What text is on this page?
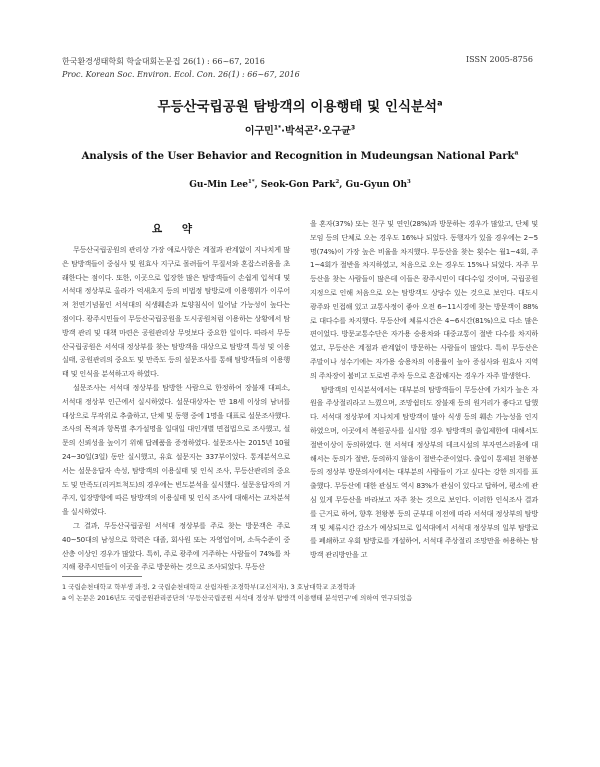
한국환경생태학회 학술대회논문집 26(1) : 66~67, 2016
Proc. Korean Soc. Environ. Ecol. Con. 26(1) : 66~67, 2016
ISSN 2005-8756
무등산국립공원 탐방객의 이용행태 및 인식분석$^a$
이구민$^{1*}$·박석곤$^2$·오구균$^3$
Analysis of the User Behavior and Recognition in Mudeungsan National Park$^a$
Gu-Min Lee$^{1*}$, Seok-Gon Park$^2$, Gu-Gyun Oh$^3$
요 약

무등산국립공원의 관리상 가장 애로사항은 계절과 관계없이 지나치게 많은 탐방객들이 중심사 및 원효사 지구로 몰려들어 무질서와 혼잡스러움을 초래한다는 점이다. 또한, 이곳으로 입장한 많은 탐방객들이 손쉽게 입석대 및 서석대 정상부로 올라가 억새초지 등의 비법정 탐방로에 이용행위가 이루어져 천연기념물인 서석대의 식생훼손과 토양침식이 일어날 가능성이 높다는 점이다. 광주시민들이 무등산국립공원을 도시공원처럼 이용하는 상황에서 탐방객 관리 및 대책 마련은 공원관리상 무엇보다 중요한 일이다. 따라서 무등산국립공원은 서석대 정상부를 찾는 탐방객을 대상으로 탐방객 특성 및 이용실태, 공원관리의 중요도 및 만족도 등의 설문조사를 통해 탐방객들의 이용행태 및 인식을 분석하고자 하였다.

설문조사는 서석대 정상부를 탐방한 사람으로 한정하여 장불재 대피소, 서석대 정상부 인근에서 실시하였다. 설문대상자는 만 18세 이상의 남녀를 대상으로 무작위로 추출하고, 단체 및 동행 중에 1명을 대표로 설문조사했다. 조사의 목적과 항목별 추가설명을 일대일 대인개별 면접법으로 조사했고, 설문의 신뢰성을 높이기 위해 답례품을 증정하였다. 설문조사는 2015년 10월 24~30일(3일) 동안 실시했고, 유효 설문지는 337부이었다. 통계분석으로서는 설문응답자 속성, 탐방객의 이용실태 및 인식 조사, 무등산관리의 중요도 및 만족도(리커트척도)의 경우에는 빈도분석을 실시했다. 설문응답자의 거주지, 입장방향에 따른 탐방객의 이용실태 및 인식 조사에 대해서는 교차분석을 실시하였다.

그 결과, 무등산국립공원 서석대 정상부를 주로 찾는 방문객은 주로 40~50대의 남성으로 학력은 대졸, 회사원 또는 자영업이며, 소득수준이 중산층 이상인 경우가 많았다. 특히, 주로 광주에 거주하는 사람들이 74%를 차지해 광주시민들이 이곳을 주로 방문하는 것으로 조사되었다. 무등산

을 혼자(37%) 또는 친구 및 연인(28%)과 방문하는 경우가 많았고, 단체 및 모임 등의 단체로 오는 경우도 16%나 되었다. 동행자가 있을 경우에는 2~5명(74%)이 가장 높은 비율을 차지했다. 무등산을 찾는 횟수는 월1~4회, 주1~4회가 절반을 차지하였고, 처음으로 오는 경우도 15%나 되었다. 자주 무등산을 찾는 사람들이 많은데 이들은 광주시민이 대다수일 것이며, 국립공원 지정으로 인해 처음으로 오는 탐방객도 상당수 있는 것으로 보인다. 대도시 광주와 인접해 있고 교통사정이 좋아 오전 6~11시경에 찾는 방문객이 88%로 대다수를 차지했다. 무등산에 체류시간은 4~6시간(81%)으로 다소 많은 편이었다. 방문교통수단은 자가용 승용차와 대중교통이 절반 다수를 차지하였고, 무등산은 계절과 관계없이 방문하는 사람들이 많았다. 특히 무등산은 주말이나 성수기에는 자가용 승용차의 이용률이 높아 증심사와 원효사 지역의 주차장이 붐비고 도로변 주차 등으로 혼잡해지는 경우가 자주 발생한다.

탐방객의 인식분석에서는 대부분의 탐방객들이 무등산에 가치가 높은 자원을 주상절리라고 느꼈으며, 조망쉼터도 장불재 등의 원거리가 좋다고 답했다. 서석대 정상부에 지나치게 탐방객이 많아 식생 등의 훼손 가능성을 인지하였으며, 이곳에서 복원공사를 실시할 경우 탐방객의 출입제한에 대해서도 절반이상이 동의하였다. 현 서석대 정상부의 데크시설의 부자연스러움에 대해서는 동의가 절반, 동의하지 않음이 절반수준이었다. 출입이 통제된 천왕봉 등의 정상부 방문의사에서는 대부분의 사람들이 가고 싶다는 강한 의지를 표출했다. 무등산에 대한 관심도 역시 83%가 관심이 있다고 답하여, 평소에 관심 있게 무등산을 바라보고 자주 찾는 것으로 보인다. 이러한 인식조사 결과를 근거로 하여, 향후 천왕봉 등의 군부대 이전에 따라 서석대 정상부의 탐방객 및 체류시간 감소가 예상되므로 입석대에서 서석대 정상부의 일부 탐방로를 폐쇄하고 우회 탐방로를 개설하여, 서석대 주상절리 조망만을 허용하는 탐방객 관리방안을 고

1 국립순천대학교 학부생 과정, 2 국립순천대학교 산림자원·조경학부(교신저자), 3 호남대학교 조경학과
a 이 논문은 2016년도 국립공원관리공단의 '무등산국립공원 서석대 정상부 탐방객 이용행태 분석연구'에 의하여 연구되었음
